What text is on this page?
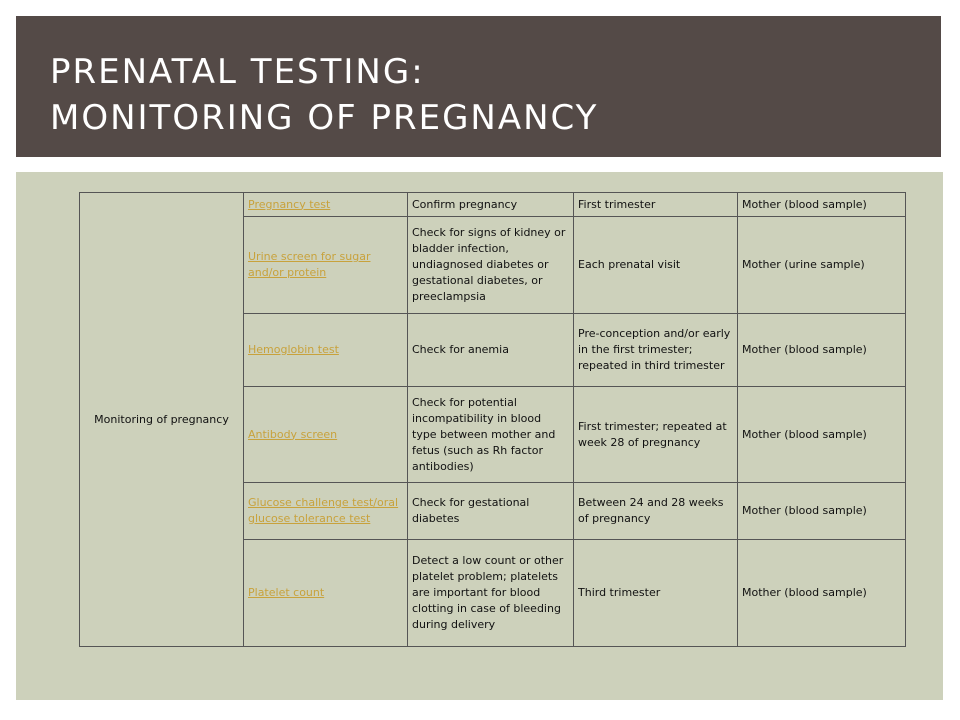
PRENATAL TESTING:
MONITORING OF PREGNANCY
Monitoring of pregnancy	Pregnancy test	Confirm pregnancy	First trimester	Mother (blood sample)
	Urine screen for sugar and/or protein	Check for signs of kidney or bladder infection, undiagnosed diabetes or gestational diabetes, or preeclampsia	Each prenatal visit	Mother (urine sample)
	Hemoglobin test	Check for anemia	Pre-conception and/or early in the first trimester; repeated in third trimester	Mother (blood sample)
	Antibody screen	Check for potential incompatibility in blood type between mother and fetus (such as Rh factor antibodies)	First trimester; repeated at week 28 of pregnancy	Mother (blood sample)
	Glucose challenge test/oral glucose tolerance test	Check for gestational diabetes	Between 24 and 28 weeks of pregnancy	Mother (blood sample)
	Platelet count	Detect a low count or other platelet problem; platelets are important for blood clotting in case of bleeding during delivery	Third trimester	Mother (blood sample)
